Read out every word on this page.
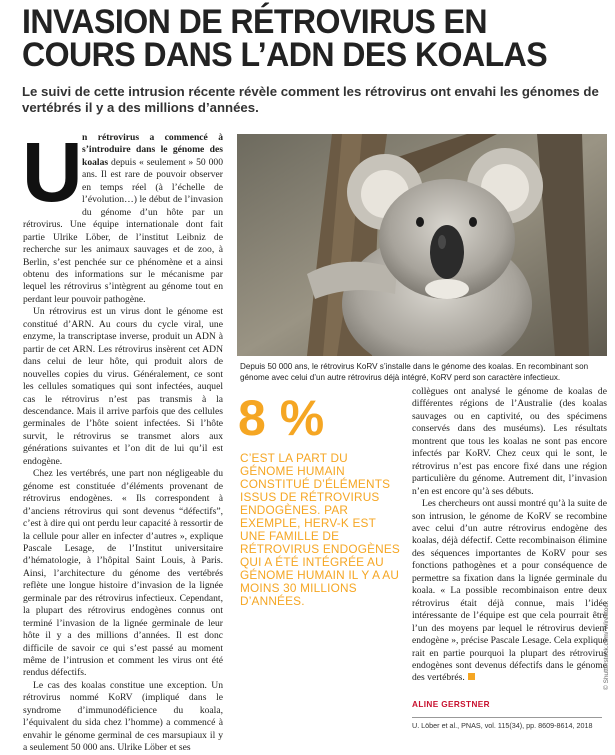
INVASION DE RÉTROVIRUS EN COURS DANS L’ADN DES KOALAS

Le suivi de cette intrusion récente révèle comment les rétrovirus ont envahi les génomes de vertébrés il y a des millions d’années.

U n rétrovirus a commencé à s’introduire dans le génome des koalas depuis « seulement » 50 000 ans. Il est rare de pouvoir observer en temps réel (à l’échelle de l’évolution…) le début de l’invasion du génome d’un hôte par un rétrovirus. Une équipe internationale dont fait partie Ulrike Löber, de l’institut Leibniz de recherche sur les animaux sauvages et de zoo, à Berlin, s’est penchée sur ce phénomène et a ainsi obtenu des informations sur le mécanisme par lequel les rétrovirus s’intègrent au génome tout en perdant leur pouvoir pathogène.

Un rétrovirus est un virus dont le génome est constitué d’ARN. Au cours du cycle viral, une enzyme, la transcriptase inverse, produit un ADN à partir de cet ARN. Les rétrovirus insèrent cet ADN dans celui de leur hôte, qui produit alors de nouvelles copies du virus. Généralement, ce sont les cellules somatiques qui sont infectées, auquel cas le rétrovirus n’est pas transmis à la descendance. Mais il arrive parfois que des cellules germinales de l’hôte soient infectées. Si l’hôte survit, le rétrovirus se transmet alors aux générations suivantes et l’on dit de lui qu’il est endogène.

Chez les vertébrés, une part non négligeable du génome est constituée d’éléments provenant de rétrovirus endogènes. « Ils correspondent à d’anciens rétrovirus qui sont devenus “défectifs”, c’est à dire qui ont perdu leur capacité à ressortir de la cellule pour aller en infecter d’autres », explique Pascale Lesage, de l’Institut universitaire d’hématologie, à l’hôpital Saint Louis, à Paris. Ainsi, l’architecture du génome des vertébrés reflète une longue histoire d’invasion de la lignée germinale par des rétrovirus infectieux. Cependant, la plupart des rétrovirus endogènes connus ont terminé l’invasion de la lignée germinale de leur hôte il y a des millions d’années. Il est donc difficile de savoir ce qui s’est passé au moment même de l’intrusion et comment les virus ont été rendus défectifs.

Le cas des koalas constitue une exception. Un rétrovirus nommé KoRV (impliqué dans le syndrome d’immunodéficience du koala, l’équivalent du sida chez l’homme) a commencé à envahir le génome germinal de ces marsupiaux il y a seulement 50 000 ans. Ulrike Löber et ses

Depuis 50 000 ans, le rétrovirus KoRV s’installe dans le génome des koalas. En recombinant son génome avec celui d’un autre rétrovirus déjà intégré, KoRV perd son caractère infectieux.

8 %

C’EST LA PART DU GÉNOME HUMAIN CONSTITUÉ D’ÉLÉMENTS ISSUS DE RÉTROVIRUS ENDOGÈNES. PAR EXEMPLE, HERV-K EST UNE FAMILLE DE RÉTROVIRUS ENDOGÈNES QUI A ÉTÉ INTÉGRÉE AU GÉNOME HUMAIN IL Y A AU MOINS 30 MILLIONS D’ANNÉES.

collègues ont analysé le génome de koalas de différentes régions de l’Australie (des koalas sauvages ou en captivité, ou des spécimens conservés dans des muséums). Les résultats montrent que tous les koalas ne sont pas encore infectés par KoRV. Chez ceux qui le sont, le rétrovirus n’est pas encore fixé dans une région particulière du génome. Autrement dit, l’invasion n’en est encore qu’à ses débuts.

Les chercheurs ont aussi montré qu’à la suite de son intrusion, le génome de KoRV se recombine avec celui d’un autre rétrovirus endogène des koalas, déjà défectif. Cette recombinaison élimine des séquences importantes de KoRV pour ses fonctions pathogènes et a pour conséquence de permettre sa fixation dans la lignée germinale du koala. « La possible recombinaison entre deux rétrovirus était déjà connue, mais l’idée intéressante de l’équipe est que cela pourrait être l’un des moyens par lequel le rétrovirus devient endogène », précise Pascale Lesage. Cela explique rait en partie pourquoi la plupart des rétrovirus endogènes sont devenus défectifs dans le génome des vertébrés.

ALINE GERSTNER

U. Löber et al., PNAS, vol. 115(34), pp. 8609-8614, 2018

© Shutterstock.com/ Wirestock
